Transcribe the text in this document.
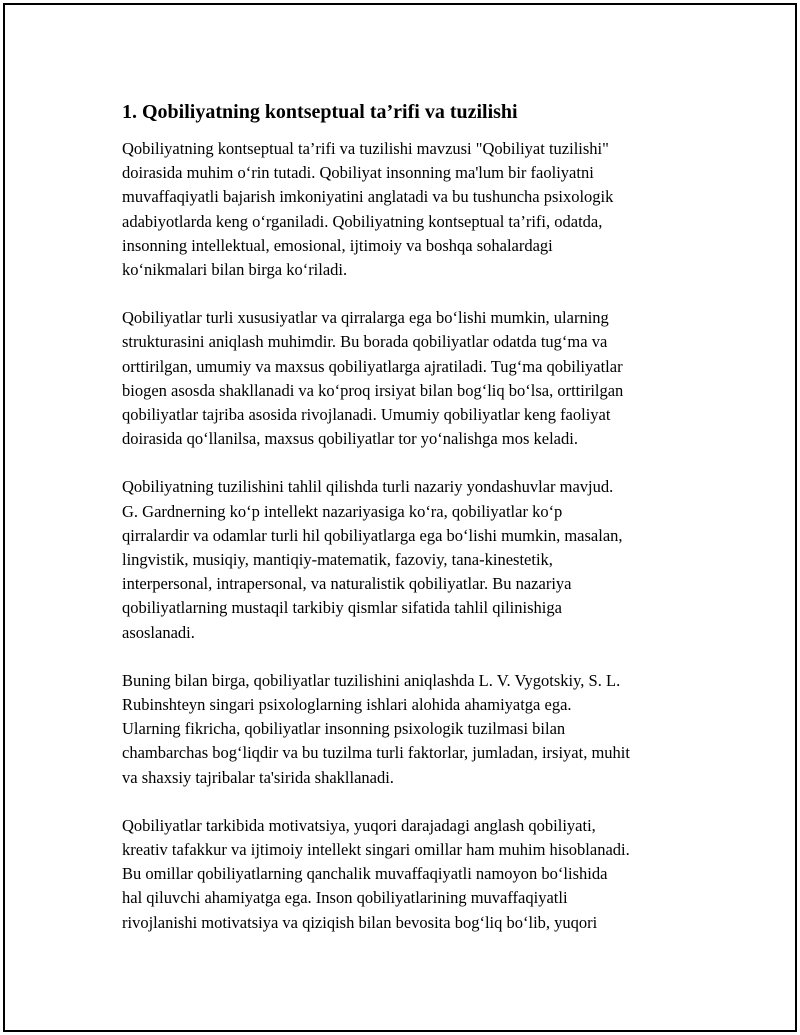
1. Qobiliyatning kontseptual ta’rifi va tuzilishi

Qobiliyatning kontseptual ta’rifi va tuzilishi mavzusi "Qobiliyat tuzilishi"
doirasida muhim oʻrin tutadi. Qobiliyat insonning ma'lum bir faoliyatni
muvaffaqiyatli bajarish imkoniyatini anglatadi va bu tushuncha psixologik
adabiyotlarda keng oʻrganiladi. Qobiliyatning kontseptual ta’rifi, odatda,
insonning intellektual, emosional, ijtimoiy va boshqa sohalardagi
koʻnikmalari bilan birga koʻriladi.

Qobiliyatlar turli xususiyatlar va qirralarga ega boʻlishi mumkin, ularning
strukturasini aniqlash muhimdir. Bu borada qobiliyatlar odatda tugʻma va
orttirilgan, umumiy va maxsus qobiliyatlarga ajratiladi. Tugʻma qobiliyatlar
biogen asosda shakllanadi va koʻproq irsiyat bilan bogʻliq boʻlsa, orttirilgan
qobiliyatlar tajriba asosida rivojlanadi. Umumiy qobiliyatlar keng faoliyat
doirasida qoʻllanilsa, maxsus qobiliyatlar tor yoʻnalishga mos keladi.

Qobiliyatning tuzilishini tahlil qilishda turli nazariy yondashuvlar mavjud.
G. Gardnerning koʻp intellekt nazariyasiga koʻra, qobiliyatlar koʻp
qirralardir va odamlar turli hil qobiliyatlarga ega boʻlishi mumkin, masalan,
lingvistik, musiqiy, mantiqiy-matematik, fazoviy, tana-kinestetik,
interpersonal, intrapersonal, va naturalistik qobiliyatlar. Bu nazariya
qobiliyatlarning mustaqil tarkibiy qismlar sifatida tahlil qilinishiga
asoslanadi.

Buning bilan birga, qobiliyatlar tuzilishini aniqlashda L. V. Vygotskiy, S. L.
Rubinshteyn singari psixologlarning ishlari alohida ahamiyatga ega.
Ularning fikricha, qobiliyatlar insonning psixologik tuzilmasi bilan
chambarchas bogʻliqdir va bu tuzilma turli faktorlar, jumladan, irsiyat, muhit
va shaxsiy tajribalar ta'sirida shakllanadi.

Qobiliyatlar tarkibida motivatsiya, yuqori darajadagi anglash qobiliyati,
kreativ tafakkur va ijtimoiy intellekt singari omillar ham muhim hisoblanadi.
Bu omillar qobiliyatlarning qanchalik muvaffaqiyatli namoyon boʻlishida
hal qiluvchi ahamiyatga ega. Inson qobiliyatlarining muvaffaqiyatli
rivojlanishi motivatsiya va qiziqish bilan bevosita bogʻliq boʻlib, yuqori
